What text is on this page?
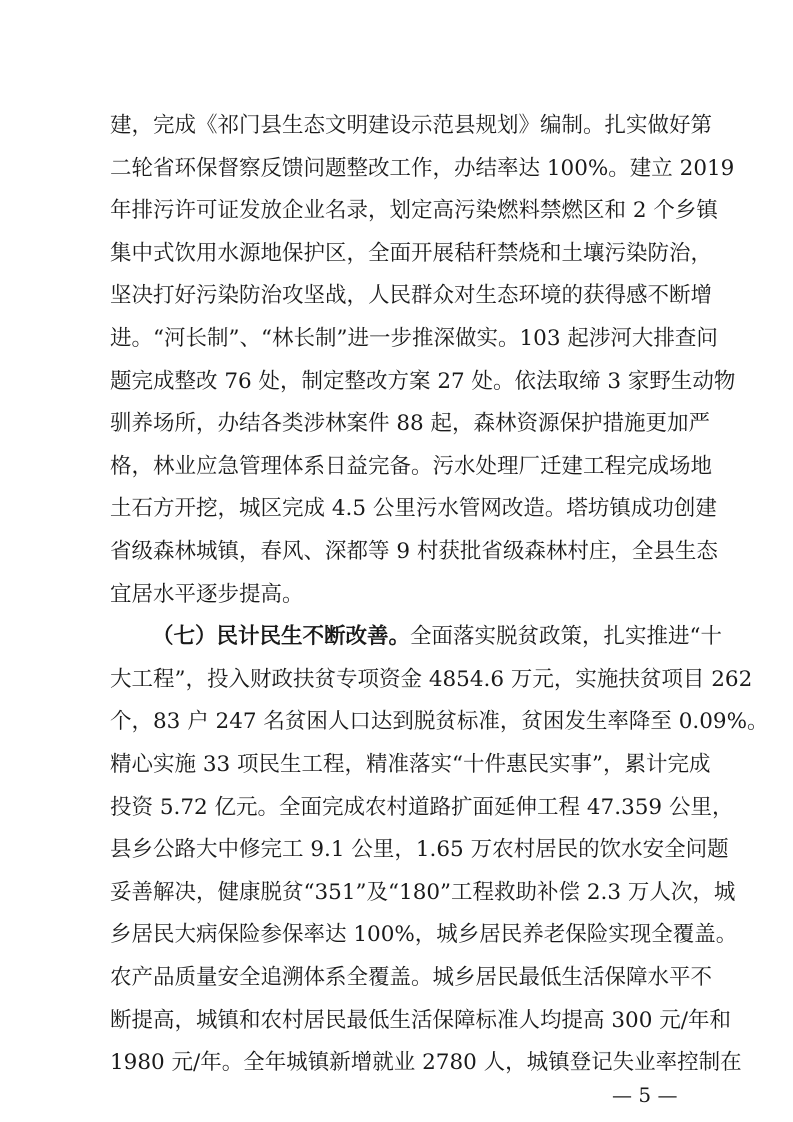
建，完成《祁门县生态文明建设示范县规划》编制。扎实做好第
二轮省环保督察反馈问题整改工作，办结率达 100%。建立 2019
年排污许可证发放企业名录，划定高污染燃料禁燃区和 2 个乡镇
集中式饮用水源地保护区，全面开展秸秆禁烧和土壤污染防治，
坚决打好污染防治攻坚战，人民群众对生态环境的获得感不断增
进。“河长制”、“林长制”进一步推深做实。103 起涉河大排查问
题完成整改 76 处，制定整改方案 27 处。依法取缔 3 家野生动物
驯养场所，办结各类涉林案件 88 起，森林资源保护措施更加严
格，林业应急管理体系日益完备。污水处理厂迁建工程完成场地
土石方开挖，城区完成 4.5 公里污水管网改造。塔坊镇成功创建
省级森林城镇，春风、深都等 9 村获批省级森林村庄，全县生态
宜居水平逐步提高。
（七）民计民生不断改善。全面落实脱贫政策，扎实推进“十
大工程”，投入财政扶贫专项资金 4854.6 万元，实施扶贫项目 262
个，83 户 247 名贫困人口达到脱贫标准，贫困发生率降至 0.09%。
精心实施 33 项民生工程，精准落实“十件惠民实事”，累计完成
投资 5.72 亿元。全面完成农村道路扩面延伸工程 47.359 公里，
县乡公路大中修完工 9.1 公里，1.65 万农村居民的饮水安全问题
妥善解决，健康脱贫“351”及“180”工程救助补偿 2.3 万人次，城
乡居民大病保险参保率达 100%，城乡居民养老保险实现全覆盖。
农产品质量安全追溯体系全覆盖。城乡居民最低生活保障水平不
断提高，城镇和农村居民最低生活保障标准人均提高 300 元/年和
1980 元/年。全年城镇新增就业 2780 人，城镇登记失业率控制在
— 5 —
